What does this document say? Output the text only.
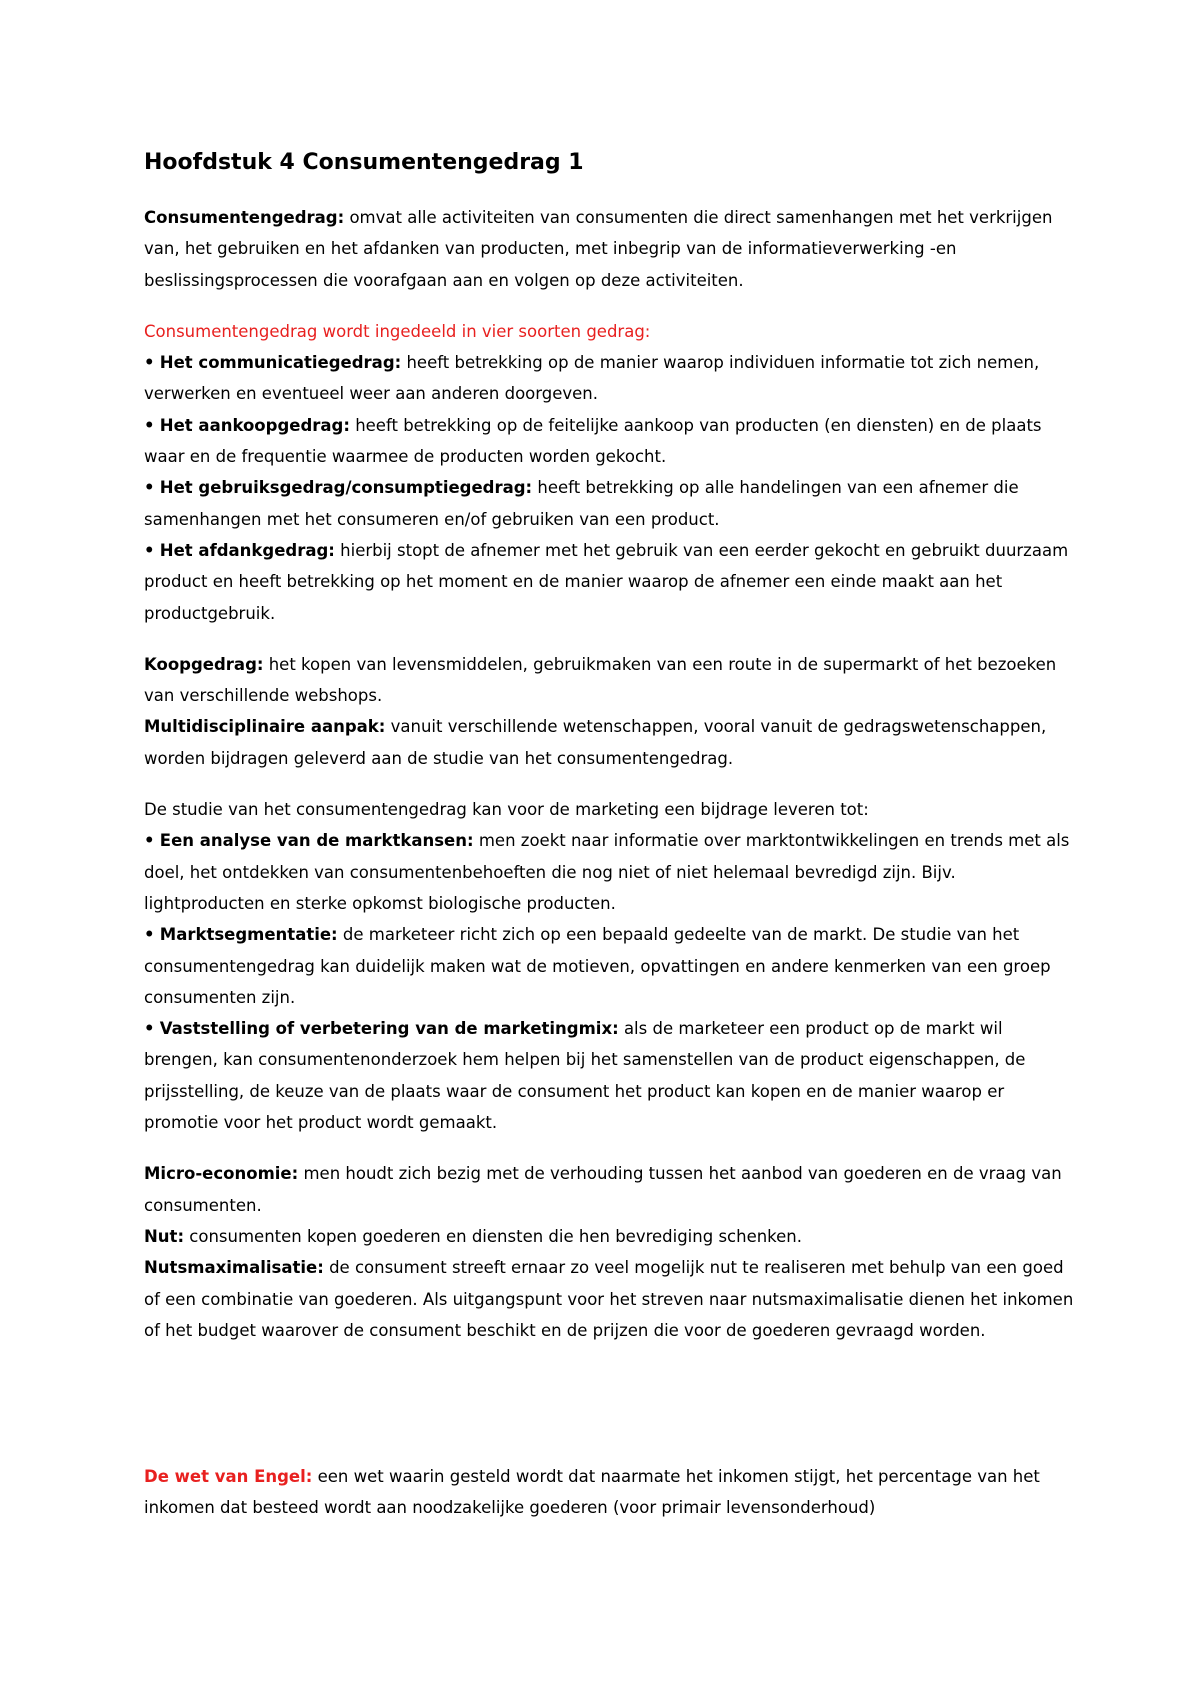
Hoofdstuk 4 Consumentengedrag 1

Consumentengedrag: omvat alle activiteiten van consumenten die direct samenhangen met het verkrijgen van, het gebruiken en het afdanken van producten, met inbegrip van de informatieverwerking -en beslissingsprocessen die voorafgaan aan en volgen op deze activiteiten.

Consumentengedrag wordt ingedeeld in vier soorten gedrag:

• Het communicatiegedrag: heeft betrekking op de manier waarop individuen informatie tot zich nemen, verwerken en eventueel weer aan anderen doorgeven.

• Het aankoopgedrag: heeft betrekking op de feitelijke aankoop van producten (en diensten) en de plaats waar en de frequentie waarmee de producten worden gekocht.

• Het gebruiksgedrag/consumptiegedrag: heeft betrekking op alle handelingen van een afnemer die samenhangen met het consumeren en/of gebruiken van een product.

• Het afdankgedrag: hierbij stopt de afnemer met het gebruik van een eerder gekocht en gebruikt duurzaam product en heeft betrekking op het moment en de manier waarop de afnemer een einde maakt aan het productgebruik.

Koopgedrag: het kopen van levensmiddelen, gebruikmaken van een route in de supermarkt of het bezoeken van verschillende webshops.

Multidisciplinaire aanpak: vanuit verschillende wetenschappen, vooral vanuit de gedragswetenschappen, worden bijdragen geleverd aan de studie van het consumentengedrag.

De studie van het consumentengedrag kan voor de marketing een bijdrage leveren tot:

• Een analyse van de marktkansen: men zoekt naar informatie over marktontwikkelingen en trends met als doel, het ontdekken van consumentenbehoeften die nog niet of niet helemaal bevredigd zijn. Bijv. lightproducten en sterke opkomst biologische producten.

• Marktsegmentatie: de marketeer richt zich op een bepaald gedeelte van de markt. De studie van het consumentengedrag kan duidelijk maken wat de motieven, opvattingen en andere kenmerken van een groep consumenten zijn.

• Vaststelling of verbetering van de marketingmix: als de marketeer een product op de markt wil brengen, kan consumentenonderzoek hem helpen bij het samenstellen van de product eigenschappen, de prijsstelling, de keuze van de plaats waar de consument het product kan kopen en de manier waarop er promotie voor het product wordt gemaakt.

Micro-economie: men houdt zich bezig met de verhouding tussen het aanbod van goederen en de vraag van consumenten.

Nut: consumenten kopen goederen en diensten die hen bevrediging schenken.

Nutsmaximalisatie: de consument streeft ernaar zo veel mogelijk nut te realiseren met behulp van een goed of een combinatie van goederen. Als uitgangspunt voor het streven naar nutsmaximalisatie dienen het inkomen of het budget waarover de consument beschikt en de prijzen die voor de goederen gevraagd worden.

De wet van Engel: een wet waarin gesteld wordt dat naarmate het inkomen stijgt, het percentage van het inkomen dat besteed wordt aan noodzakelijke goederen (voor primair levensonderhoud)
